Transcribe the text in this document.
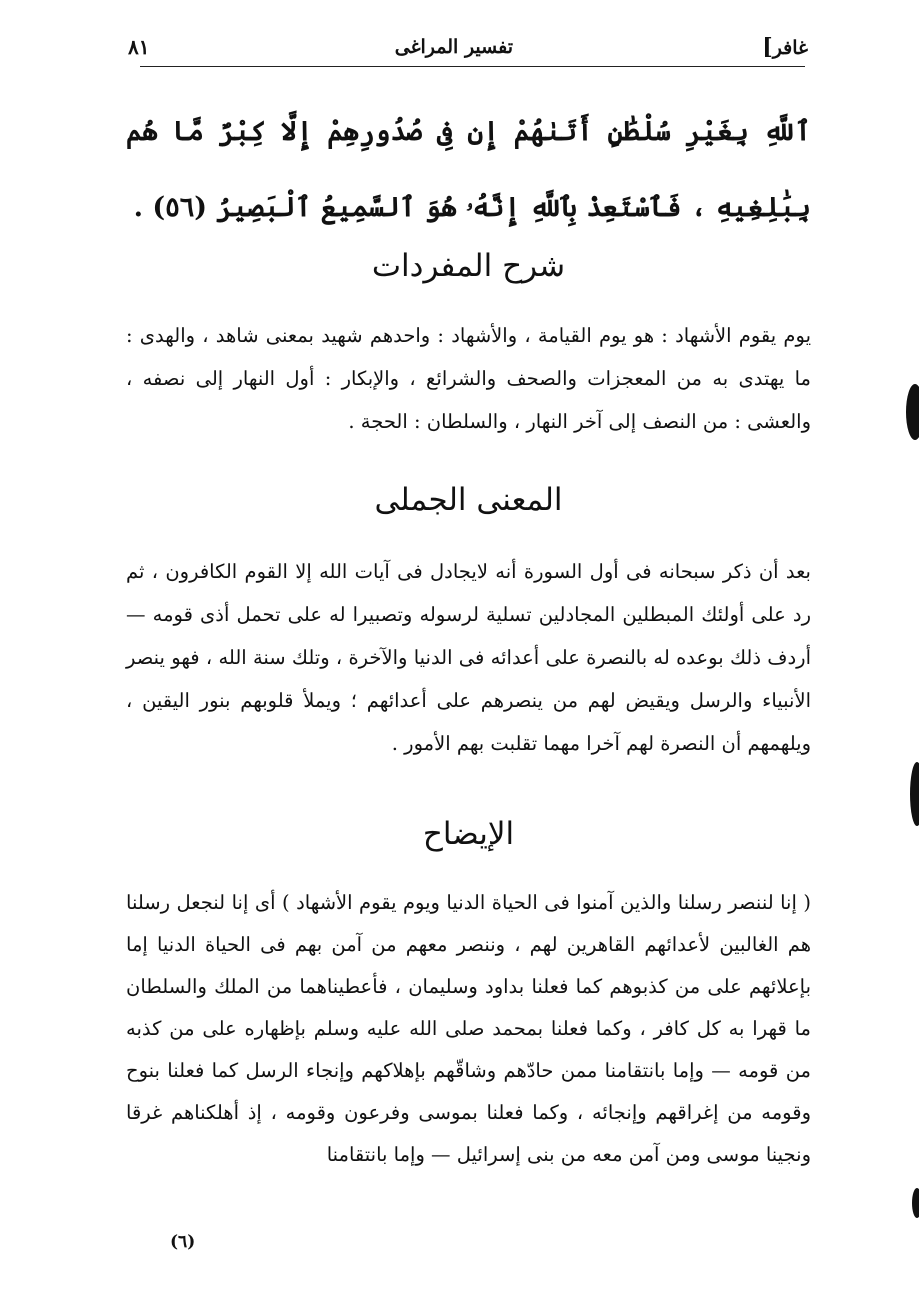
غافر]
تفسير المراغى
٨١
ٱللَّهِ بِغَيْرِ سُلْطَٰنٍ أَتَىٰهُمْ إِن فِى صُدُورِهِمْ إِلَّا كِبْرٌ مَّا هُم بِبَٰلِغِيهِ ، فَٱسْتَعِذْ بِٱللَّهِ إِنَّهُۥ هُوَ ٱلسَّمِيعُ ٱلْبَصِيرُ (٥٦) .
شرح المفردات
يوم يقوم الأشهاد : هو يوم القيامة ، والأشهاد : واحدهم شهيد بمعنى شاهد ، والهدى : ما يهتدى به من المعجزات والصحف والشرائع ، والإبكار : أول النهار إلى نصفه ، والعشى : من النصف إلى آخر النهار ، والسلطان : الحجة .
المعنى الجملى
بعد أن ذكر سبحانه فى أول السورة أنه لايجادل فى آيات الله إلا القوم الكافرون ، ثم رد على أولئك المبطلين المجادلين تسلية لرسوله وتصبيرا له على تحمل أذى قومه — أردف ذلك بوعده له بالنصرة على أعدائه فى الدنيا والآخرة ، وتلك سنة الله ، فهو ينصر الأنبياء والرسل ويقيض لهم من ينصرهم على أعدائهم ؛ ويملأ قلوبهم بنور اليقين ، ويلهمهم أن النصرة لهم آخرا مهما تقلبت بهم الأمور .
الإيضاح
( إنا لننصر رسلنا والذين آمنوا فى الحياة الدنيا ويوم يقوم الأشهاد ) أى إنا لنجعل رسلنا هم الغالبين لأعدائهم القاهرين لهم ، وننصر معهم من آمن بهم فى الحياة الدنيا إما بإعلائهم على من كذبوهم كما فعلنا بداود وسليمان ، فأعطيناهما من الملك والسلطان ما قهرا به كل كافر ، وكما فعلنا بمحمد صلى الله عليه وسلم بإظهاره على من كذبه من قومه — وإما بانتقامنا ممن حادّهم وشاقّهم بإهلاكهم وإنجاء الرسل كما فعلنا بنوح وقومه من إغراقهم وإنجائه ، وكما فعلنا بموسى وفرعون وقومه ، إذ أهلكناهم غرقا ونجينا موسى ومن آمن معه من بنى إسرائيل — وإما بانتقامنا
(٦)
